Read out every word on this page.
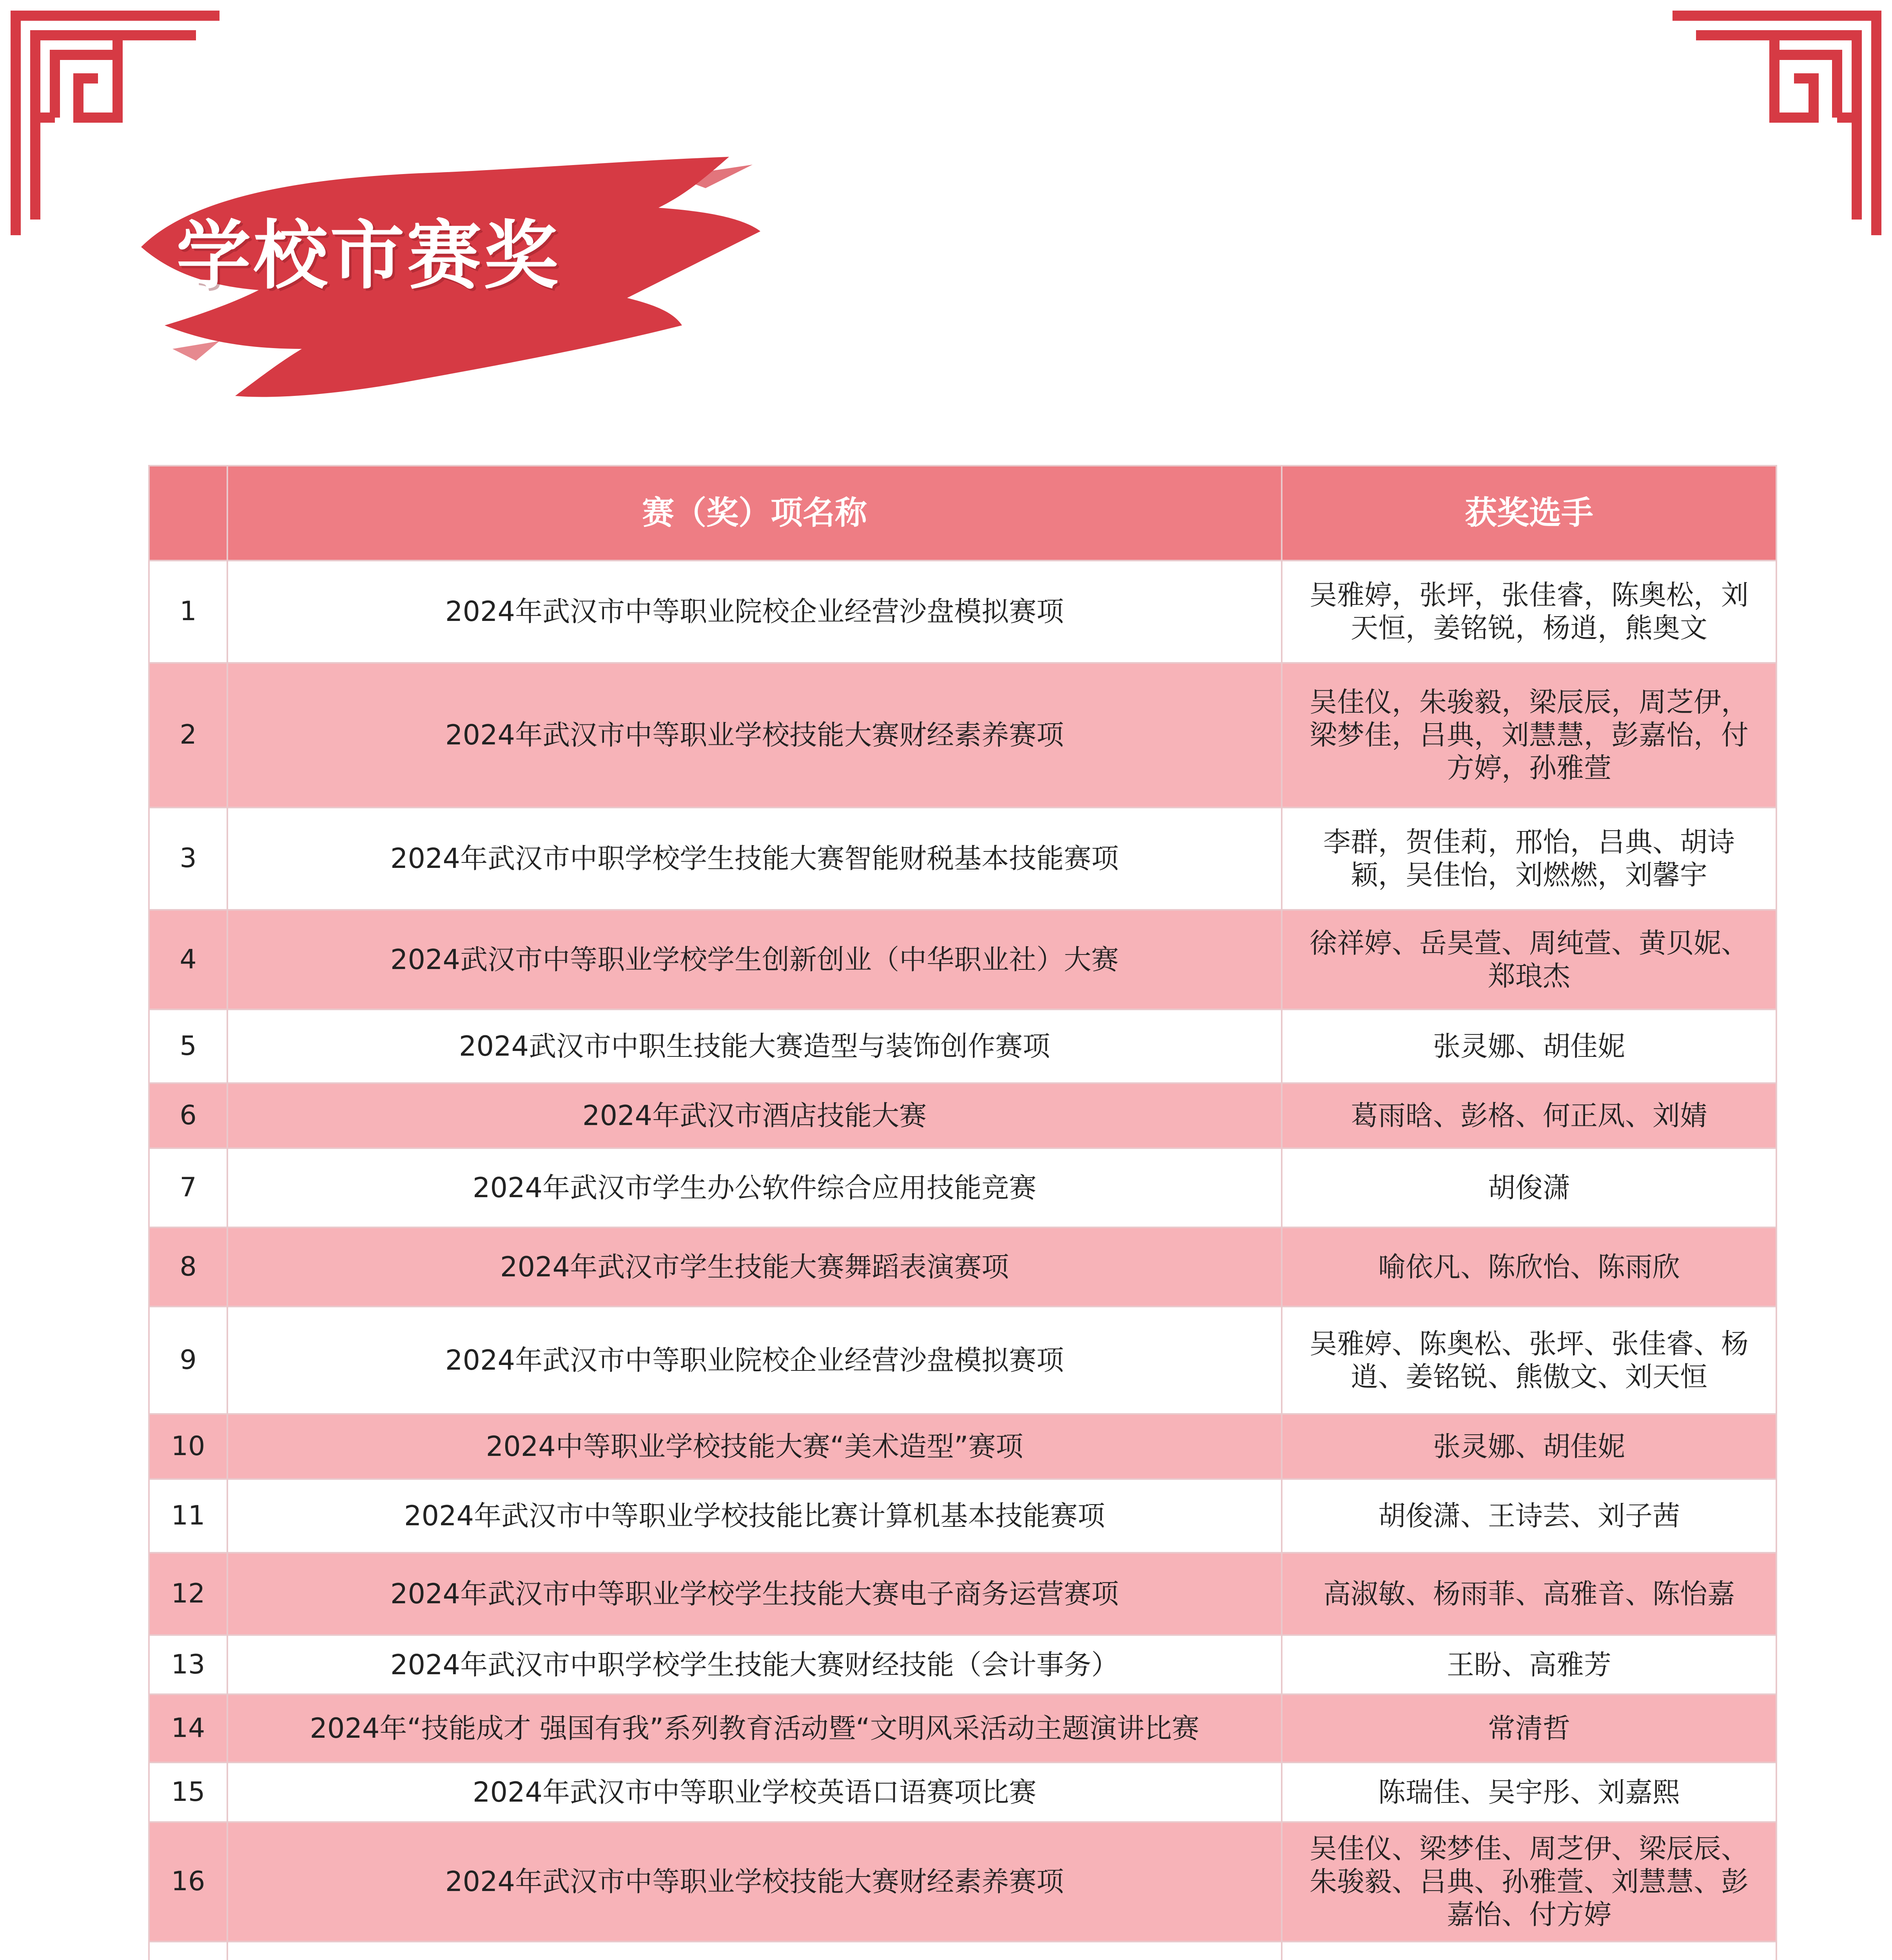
学校市赛奖
	赛（奖）项名称	获奖选手
1	2024年武汉市中等职业院校企业经营沙盘模拟赛项	吴雅婷，张坪，张佳睿，陈奥松，刘天恒，姜铭锐，杨逍，熊奥文
2	2024年武汉市中等职业学校技能大赛财经素养赛项	吴佳仪，朱骏毅，梁辰辰，周芝伊，梁梦佳，吕典，刘慧慧，彭嘉怡，付方婷，孙雅萱
3	2024年武汉市中职学校学生技能大赛智能财税基本技能赛项	李群，贺佳莉，邢怡，吕典、胡诗颖，吴佳怡，刘燃燃，刘馨宇
4	2024武汉市中等职业学校学生创新创业（中华职业社）大赛	徐祥婷、岳昊萱、周纯萱、黄贝妮、郑琅杰
5	2024武汉市中职生技能大赛造型与装饰创作赛项	张灵娜、胡佳妮
6	2024年武汉市酒店技能大赛	葛雨晗、彭格、何正凤、刘婧
7	2024年武汉市学生办公软件综合应用技能竞赛	胡俊潇
8	2024年武汉市学生技能大赛舞蹈表演赛项	喻依凡、陈欣怡、陈雨欣
9	2024年武汉市中等职业院校企业经营沙盘模拟赛项	吴雅婷、陈奥松、张坪、张佳睿、杨逍、姜铭锐、熊傲文、刘天恒
10	2024中等职业学校技能大赛“美术造型”赛项	张灵娜、胡佳妮
11	2024年武汉市中等职业学校技能比赛计算机基本技能赛项	胡俊潇、王诗芸、刘子茜
12	2024年武汉市中等职业学校学生技能大赛电子商务运营赛项	高淑敏、杨雨菲、高雅音、陈怡嘉
13	2024年武汉市中职学校学生技能大赛财经技能（会计事务）	王盼、高雅芳
14	2024年“技能成才 强国有我”系列教育活动暨“文明风采活动主题演讲比赛	常清哲
15	2024年武汉市中等职业学校英语口语赛项比赛	陈瑞佳、吴宇彤、刘嘉熙
16	2024年武汉市中等职业学校技能大赛财经素养赛项	吴佳仪、梁梦佳、周芝伊、梁辰辰、朱骏毅、吕典、孙雅萱、刘慧慧、彭嘉怡、付方婷
